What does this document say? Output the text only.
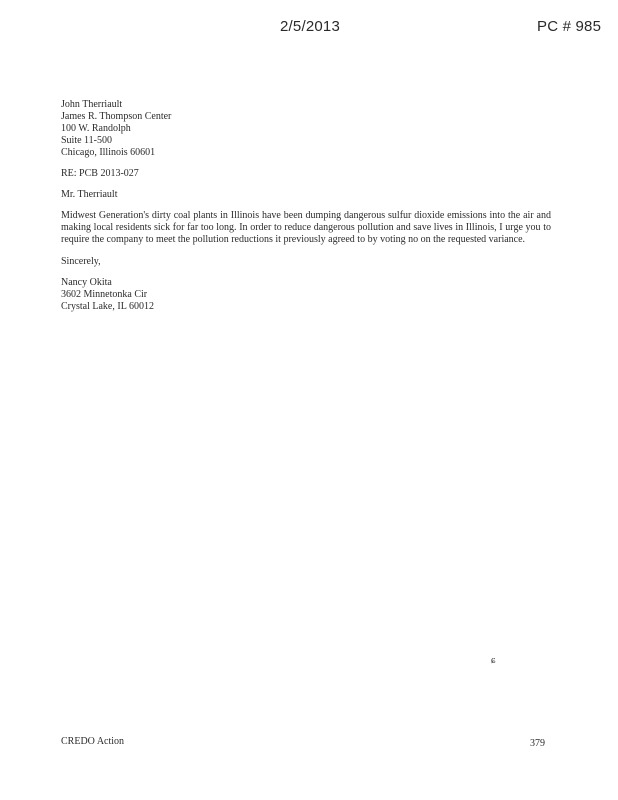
2/5/2013	PC # 985
John Therriault
James R. Thompson Center
100 W. Randolph
Suite 11-500
Chicago, Illinois 60601
RE: PCB 2013-027
Mr. Therriault
Midwest Generation's dirty coal plants in Illinois have been dumping dangerous sulfur dioxide emissions into the air and making local residents sick for far too long. In order to reduce dangerous pollution and save lives in Illinois, I urge you to require the company to meet the pollution reductions it previously agreed to by voting no on the requested variance.
Sincerely,
Nancy Okita
3602 Minnetonka Cir
Crystal Lake, IL 60012
ɕ
CREDO Action	379
